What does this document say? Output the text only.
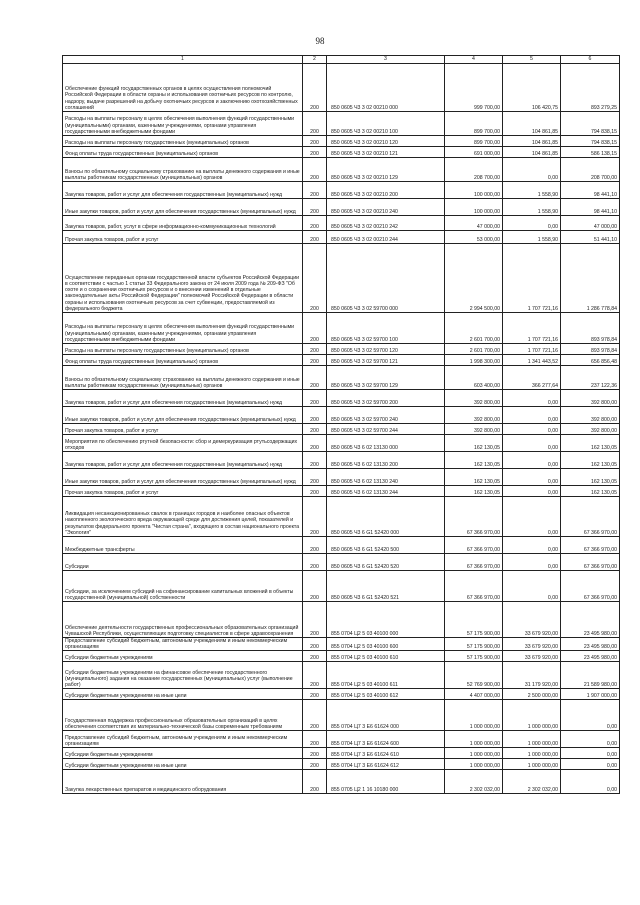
98
1	2	3	4	5	6
Обеспечение функций государственных органов в целях осуществления полномочий Российской Федерации в области охраны и использования охотничьих ресурсов по контролю, надзору, выдаче разрешений на добычу охотничьих ресурсов и заключению охотхозяйственных соглашений	200	850 0605 Ч3 3 02 00210 000	999 700,00	106 420,75	893 279,25
Расходы на выплаты персоналу в целях обеспечения выполнения функций государственными (муниципальными) органами, казенными учреждениями, органами управления государственными внебюджетными фондами	200	850 0605 Ч3 3 02 00210 100	899 700,00	104 861,85	794 838,15
Расходы на выплаты персоналу государственных (муниципальных) органов	200	850 0605 Ч3 3 02 00210 120	899 700,00	104 861,85	794 838,15
Фонд оплаты труда государственных (муниципальных) органов	200	850 0605 Ч3 3 02 00210 121	691 000,00	104 861,85	586 138,15
Взносы по обязательному социальному страхованию на выплаты денежного содержания и иные выплаты работникам государственных (муниципальных) органов	200	850 0605 Ч3 3 02 00210 129	208 700,00	0,00	208 700,00
Закупка товаров, работ и услуг для обеспечения государственных (муниципальных) нужд	200	850 0605 Ч3 3 02 00210 200	100 000,00	1 558,90	98 441,10
Иные закупки товаров, работ и услуг для обеспечения государственных (муниципальных) нужд	200	850 0605 Ч3 3 02 00210 240	100 000,00	1 558,90	98 441,10
Закупка товаров, работ, услуг в сфере информационно-коммуникационных технологий	200	850 0605 Ч3 3 02 00210 242	47 000,00	0,00	47 000,00
Прочая закупка товаров, работ и услуг	200	850 0605 Ч3 3 02 00210 244	53 000,00	1 558,90	51 441,10
Осуществление переданных органам государственной власти субъектов Российской Федерации в соответствии с частью 1 статьи 33 Федерального закона от 24 июля 2009 года № 209-ФЗ "Об охоте и о сохранении охотничьих ресурсов и о внесении изменений в отдельные законодательные акты Российской Федерации" полномочий Российской Федерации в области охраны и использования охотничьих ресурсов за счет субвенции, предоставляемой из федерального бюджета	200	850 0605 Ч3 3 02 59700 000	2 994 500,00	1 707 721,16	1 286 778,84
Расходы на выплаты персоналу в целях обеспечения выполнения функций государственными (муниципальными) органами, казенными учреждениями, органами управления государственными внебюджетными фондами	200	850 0605 Ч3 3 02 59700 100	2 601 700,00	1 707 721,16	893 978,84
Расходы на выплаты персоналу государственных (муниципальных) органов	200	850 0605 Ч3 3 02 59700 120	2 601 700,00	1 707 721,16	893 978,84
Фонд оплаты труда государственных (муниципальных) органов	200	850 0605 Ч3 3 02 59700 121	1 998 300,00	1 341 443,52	656 856,48
Взносы по обязательному социальному страхованию на выплаты денежного содержания и иные выплаты работникам государственных (муниципальных) органов	200	850 0605 Ч3 3 02 59700 129	603 400,00	366 277,64	237 122,36
Закупка товаров, работ и услуг для обеспечения государственных (муниципальных) нужд	200	850 0605 Ч3 3 02 59700 200	392 800,00	0,00	392 800,00
Иные закупки товаров, работ и услуг для обеспечения государственных (муниципальных) нужд	200	850 0605 Ч3 3 02 59700 240	392 800,00	0,00	392 800,00
Прочая закупка товаров, работ и услуг	200	850 0605 Ч3 3 02 59700 244	392 800,00	0,00	392 800,00
Мероприятия по обеспечению ртутной безопасности: сбор и демеркуризация ртутьсодержащих отходов	200	850 0605 Ч3 6 02 13130 000	162 130,05	0,00	162 130,05
Закупка товаров, работ и услуг для обеспечения государственных (муниципальных) нужд	200	850 0605 Ч3 6 02 13130 200	162 130,05	0,00	162 130,05
Иные закупки товаров, работ и услуг для обеспечения государственных (муниципальных) нужд	200	850 0605 Ч3 6 02 13130 240	162 130,05	0,00	162 130,05
Прочая закупка товаров, работ и услуг	200	850 0605 Ч3 6 02 13130 244	162 130,05	0,00	162 130,05
Ликвидация несанкционированных свалок в границах городов и наиболее опасных объектов накопленного экологического вреда окружающей среде для достижения целей, показателей и результатов федерального проекта "Чистая страна", входящего в состав национального проекта "Экология"	200	850 0605 Ч3 6 G1 52420 000	67 366 970,00	0,00	67 366 970,00
Межбюджетные трансферты	200	850 0605 Ч3 6 G1 52420 500	67 366 970,00	0,00	67 366 970,00
Субсидии	200	850 0605 Ч3 6 G1 52420 520	67 366 970,00	0,00	67 366 970,00
Субсидии, за исключением субсидий на софинансирование капитальных вложений в объекты государственной (муниципальной) собственности	200	850 0605 Ч3 6 G1 52420 521	67 366 970,00	0,00	67 366 970,00
Обеспечение деятельности государственных профессиональных образовательных организаций Чувашской Республики, осуществляющих подготовку специалистов в сфере здравоохранения	200	855 0704 Ц2 5 03 40100 000	57 175 900,00	33 679 920,00	23 495 980,00
Предоставление субсидий бюджетным, автономным учреждениям и иным некоммерческим организациям	200	855 0704 Ц2 5 03 40100 600	57 175 900,00	33 679 920,00	23 495 980,00
Субсидии бюджетным учреждениям	200	855 0704 Ц2 5 03 40100 610	57 175 900,00	33 679 920,00	23 495 980,00
Субсидии бюджетным учреждениям на финансовое обеспечение государственного (муниципального) задания на оказание государственных (муниципальных) услуг (выполнение работ)	200	855 0704 Ц2 5 03 40100 611	52 769 900,00	31 179 920,00	21 589 980,00
Субсидии бюджетным учреждениям на иные цели	200	855 0704 Ц2 5 03 40100 612	4 407 000,00	2 500 000,00	1 907 000,00
Государственная поддержка профессиональных образовательных организаций в целях обеспечения соответствия их материально-технической базы современным требованиям	200	855 0704 Ц7 3 Е6 61624 000	1 000 000,00	1 000 000,00	0,00
Предоставление субсидий бюджетным, автономным учреждениям и иным некоммерческим организациям	200	855 0704 Ц7 3 Е6 61624 600	1 000 000,00	1 000 000,00	0,00
Субсидии бюджетным учреждениям	200	855 0704 Ц7 3 Е6 61624 610	1 000 000,00	1 000 000,00	0,00
Субсидии бюджетным учреждениям на иные цели	200	855 0704 Ц7 3 Е6 61624 612	1 000 000,00	1 000 000,00	0,00
Закупка лекарственных препаратов и медицинского оборудования	200	855 0705 Ц2 1 16 10180 000	2 302 032,00	2 302 032,00	0,00
